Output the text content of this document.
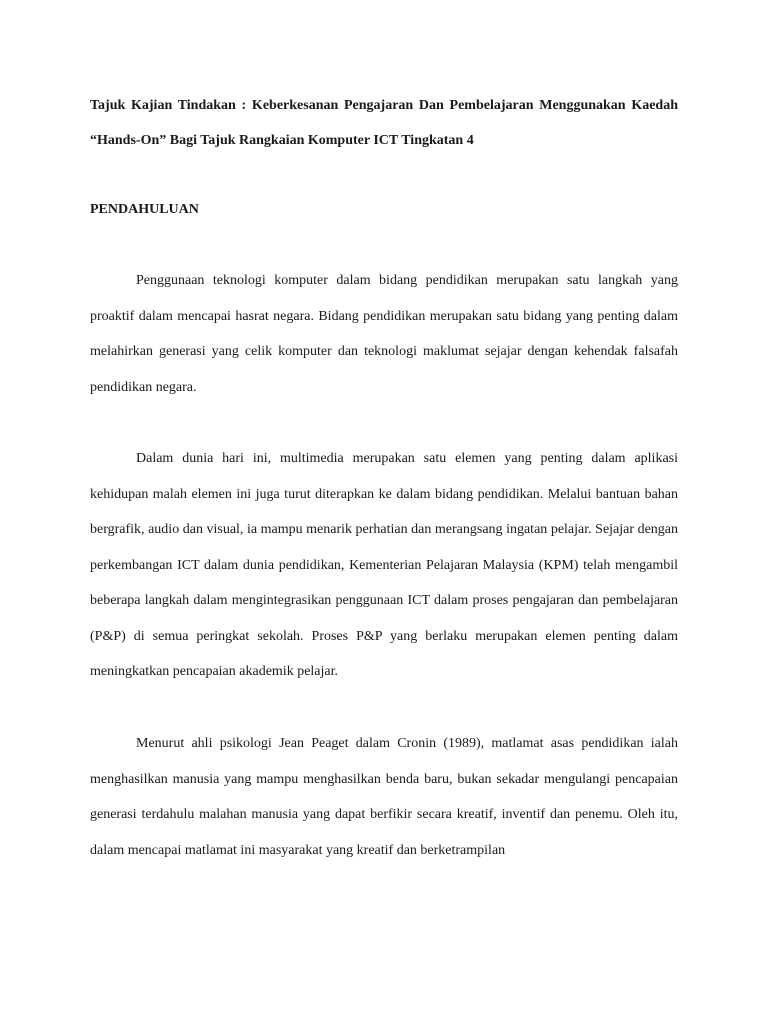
Tajuk Kajian Tindakan : Keberkesanan Pengajaran Dan Pembelajaran Menggunakan Kaedah “Hands-On” Bagi Tajuk Rangkaian Komputer ICT Tingkatan 4

PENDAHULUAN

Penggunaan teknologi komputer dalam bidang pendidikan merupakan satu langkah yang proaktif dalam mencapai hasrat negara. Bidang pendidikan merupakan satu bidang yang penting dalam melahirkan generasi yang celik komputer dan teknologi maklumat sejajar dengan kehendak falsafah pendidikan negara.

Dalam dunia hari ini, multimedia merupakan satu elemen yang penting dalam aplikasi kehidupan malah elemen ini juga turut diterapkan ke dalam bidang pendidikan. Melalui bantuan bahan bergrafik, audio dan visual, ia mampu menarik perhatian dan merangsang ingatan pelajar. Sejajar dengan perkembangan ICT dalam dunia pendidikan, Kementerian Pelajaran Malaysia (KPM) telah mengambil beberapa langkah dalam mengintegrasikan penggunaan ICT dalam proses pengajaran dan pembelajaran (P&P) di semua peringkat sekolah. Proses P&P yang berlaku merupakan elemen penting dalam meningkatkan pencapaian akademik pelajar.

Menurut ahli psikologi Jean Peaget dalam Cronin (1989), matlamat asas pendidikan ialah menghasilkan manusia yang mampu menghasilkan benda baru, bukan sekadar mengulangi pencapaian generasi terdahulu malahan manusia yang dapat berfikir secara kreatif, inventif dan penemu. Oleh itu, dalam mencapai matlamat ini masyarakat yang kreatif dan berketrampilan
